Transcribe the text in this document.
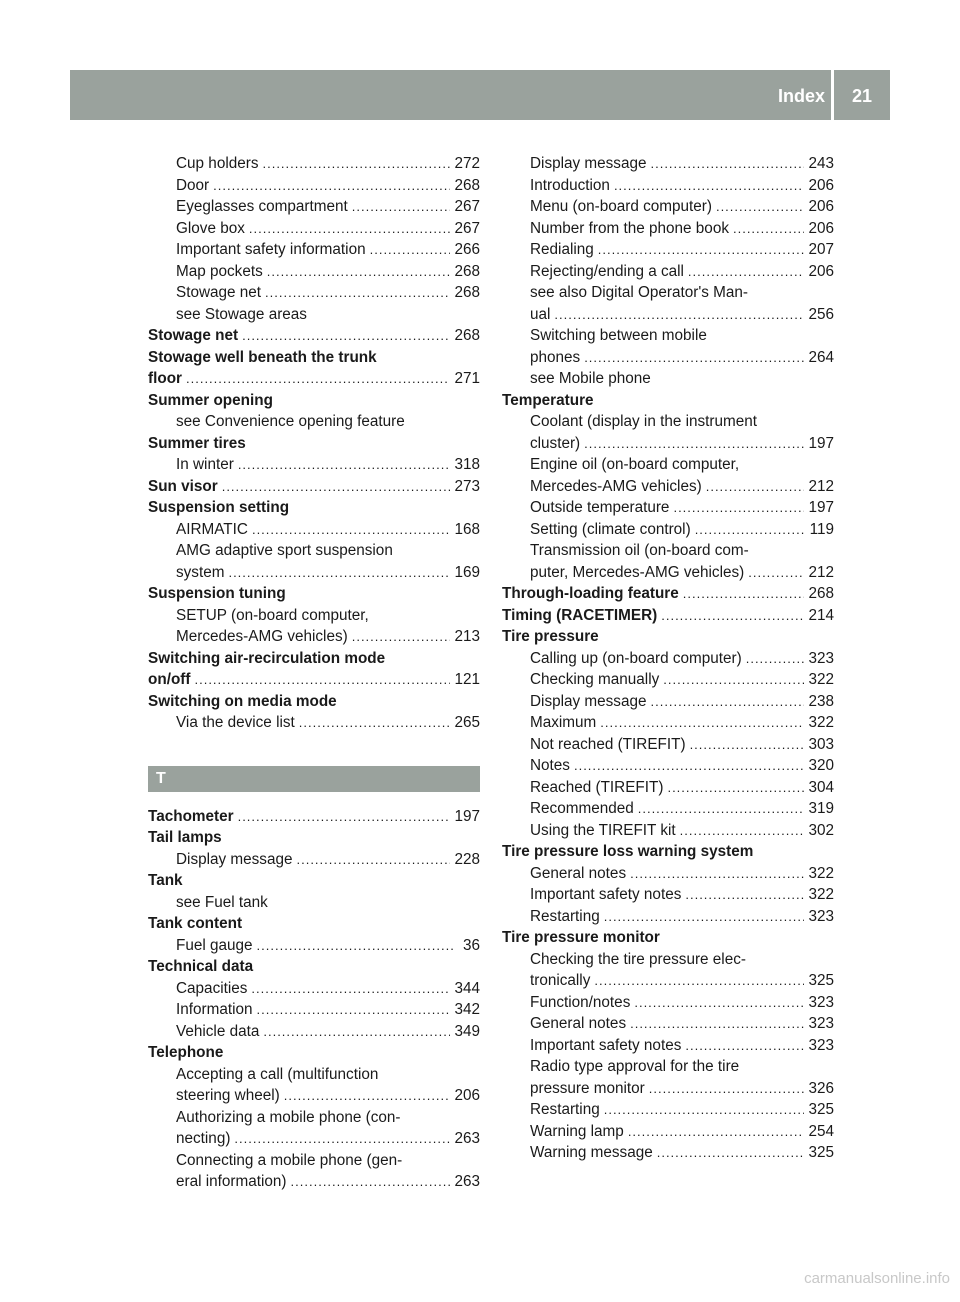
Index	21
Cup holders .....	272
Door .....	268
Eyeglasses compartment .....	267
Glove box .....	267
Important safety information .....	266
Map pockets .....	268
Stowage net .....	268
see Stowage areas
Stowage net .....	268
Stowage well beneath the trunk
floor .....	271
Summer opening
see Convenience opening feature
Summer tires
In winter .....	318
Sun visor .....	273
Suspension setting
AIRMATIC .....	168
AMG adaptive sport suspension
system .....	169
Suspension tuning
SETUP (on-board computer,
Mercedes-AMG vehicles) .....	213
Switching air-recirculation mode
on/off .....	121
Switching on media mode
Via the device list .....	265
T
Tachometer .....	197
Tail lamps
Display message .....	228
Tank
see Fuel tank
Tank content
Fuel gauge .....	36
Technical data
Capacities .....	344
Information .....	342
Vehicle data .....	349
Telephone
Accepting a call (multifunction
steering wheel) .....	206
Authorizing a mobile phone (con-
necting) .....	263
Connecting a mobile phone (gen-
eral information) .....	263
Display message .....	243
Introduction .....	206
Menu (on-board computer) .....	206
Number from the phone book .....	206
Redialing .....	207
Rejecting/ending a call .....	206
see also Digital Operator's Man-
ual .....	256
Switching between mobile
phones .....	264
see Mobile phone
Temperature
Coolant (display in the instrument
cluster) .....	197
Engine oil (on-board computer,
Mercedes-AMG vehicles) .....	212
Outside temperature .....	197
Setting (climate control) .....	119
Transmission oil (on-board com-
puter, Mercedes-AMG vehicles) .....	212
Through-loading feature .....	268
Timing (RACETIMER) .....	214
Tire pressure
Calling up (on-board computer) .....	323
Checking manually .....	322
Display message .....	238
Maximum .....	322
Not reached (TIREFIT) .....	303
Notes .....	320
Reached (TIREFIT) .....	304
Recommended .....	319
Using the TIREFIT kit .....	302
Tire pressure loss warning system
General notes .....	322
Important safety notes .....	322
Restarting .....	323
Tire pressure monitor
Checking the tire pressure elec-
tronically .....	325
Function/notes .....	323
General notes .....	323
Important safety notes .....	323
Radio type approval for the tire
pressure monitor .....	326
Restarting .....	325
Warning lamp .....	254
Warning message .....	325
carmanualsonline.info
